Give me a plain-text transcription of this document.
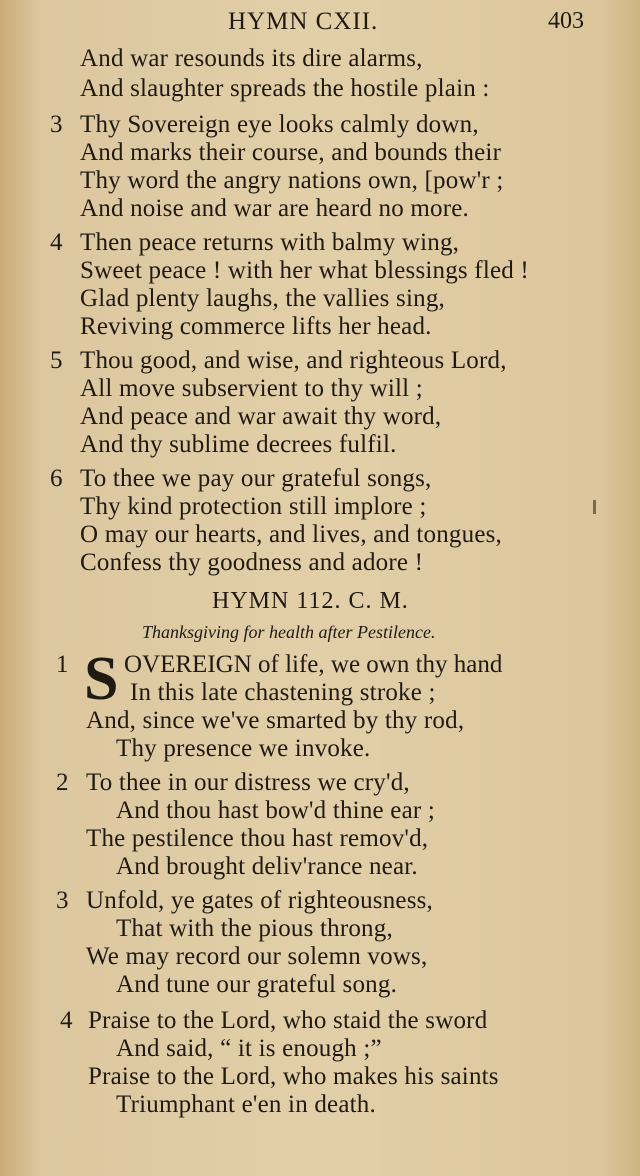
HYMN CXII.	403
And war resounds its dire alarms,
And slaughter spreads the hostile plain :
3 Thy Sovereign eye looks calmly down,
And marks their course, and bounds their
Thy word the angry nations own, [pow'r ;
And noise and war are heard no more.
4 Then peace returns with balmy wing,
Sweet peace ! with her what blessings fled !
Glad plenty laughs, the vallies sing,
Reviving commerce lifts her head.
5 Thou good, and wise, and righteous Lord,
All move subservient to thy will ;
And peace and war await thy word,
And thy sublime decrees fulfil.
6 To thee we pay our grateful songs,
Thy kind protection still implore ;
O may our hearts, and lives, and tongues,
Confess thy goodness and adore !
HYMN 112. C. M.
Thanksgiving for health after Pestilence.
1 S OVEREIGN of life, we own thy hand
In this late chastening stroke ;
And, since we've smarted by thy rod,
Thy presence we invoke.
2 To thee in our distress we cry'd,
And thou hast bow'd thine ear ;
The pestilence thou hast remov'd,
And brought deliv'rance near.
3 Unfold, ye gates of righteousness,
That with the pious throng,
We may record our solemn vows,
And tune our grateful song.
4 Praise to the Lord, who staid the sword
And said, “ it is enough ;”
Praise to the Lord, who makes his saints
Triumphant e'en in death.
